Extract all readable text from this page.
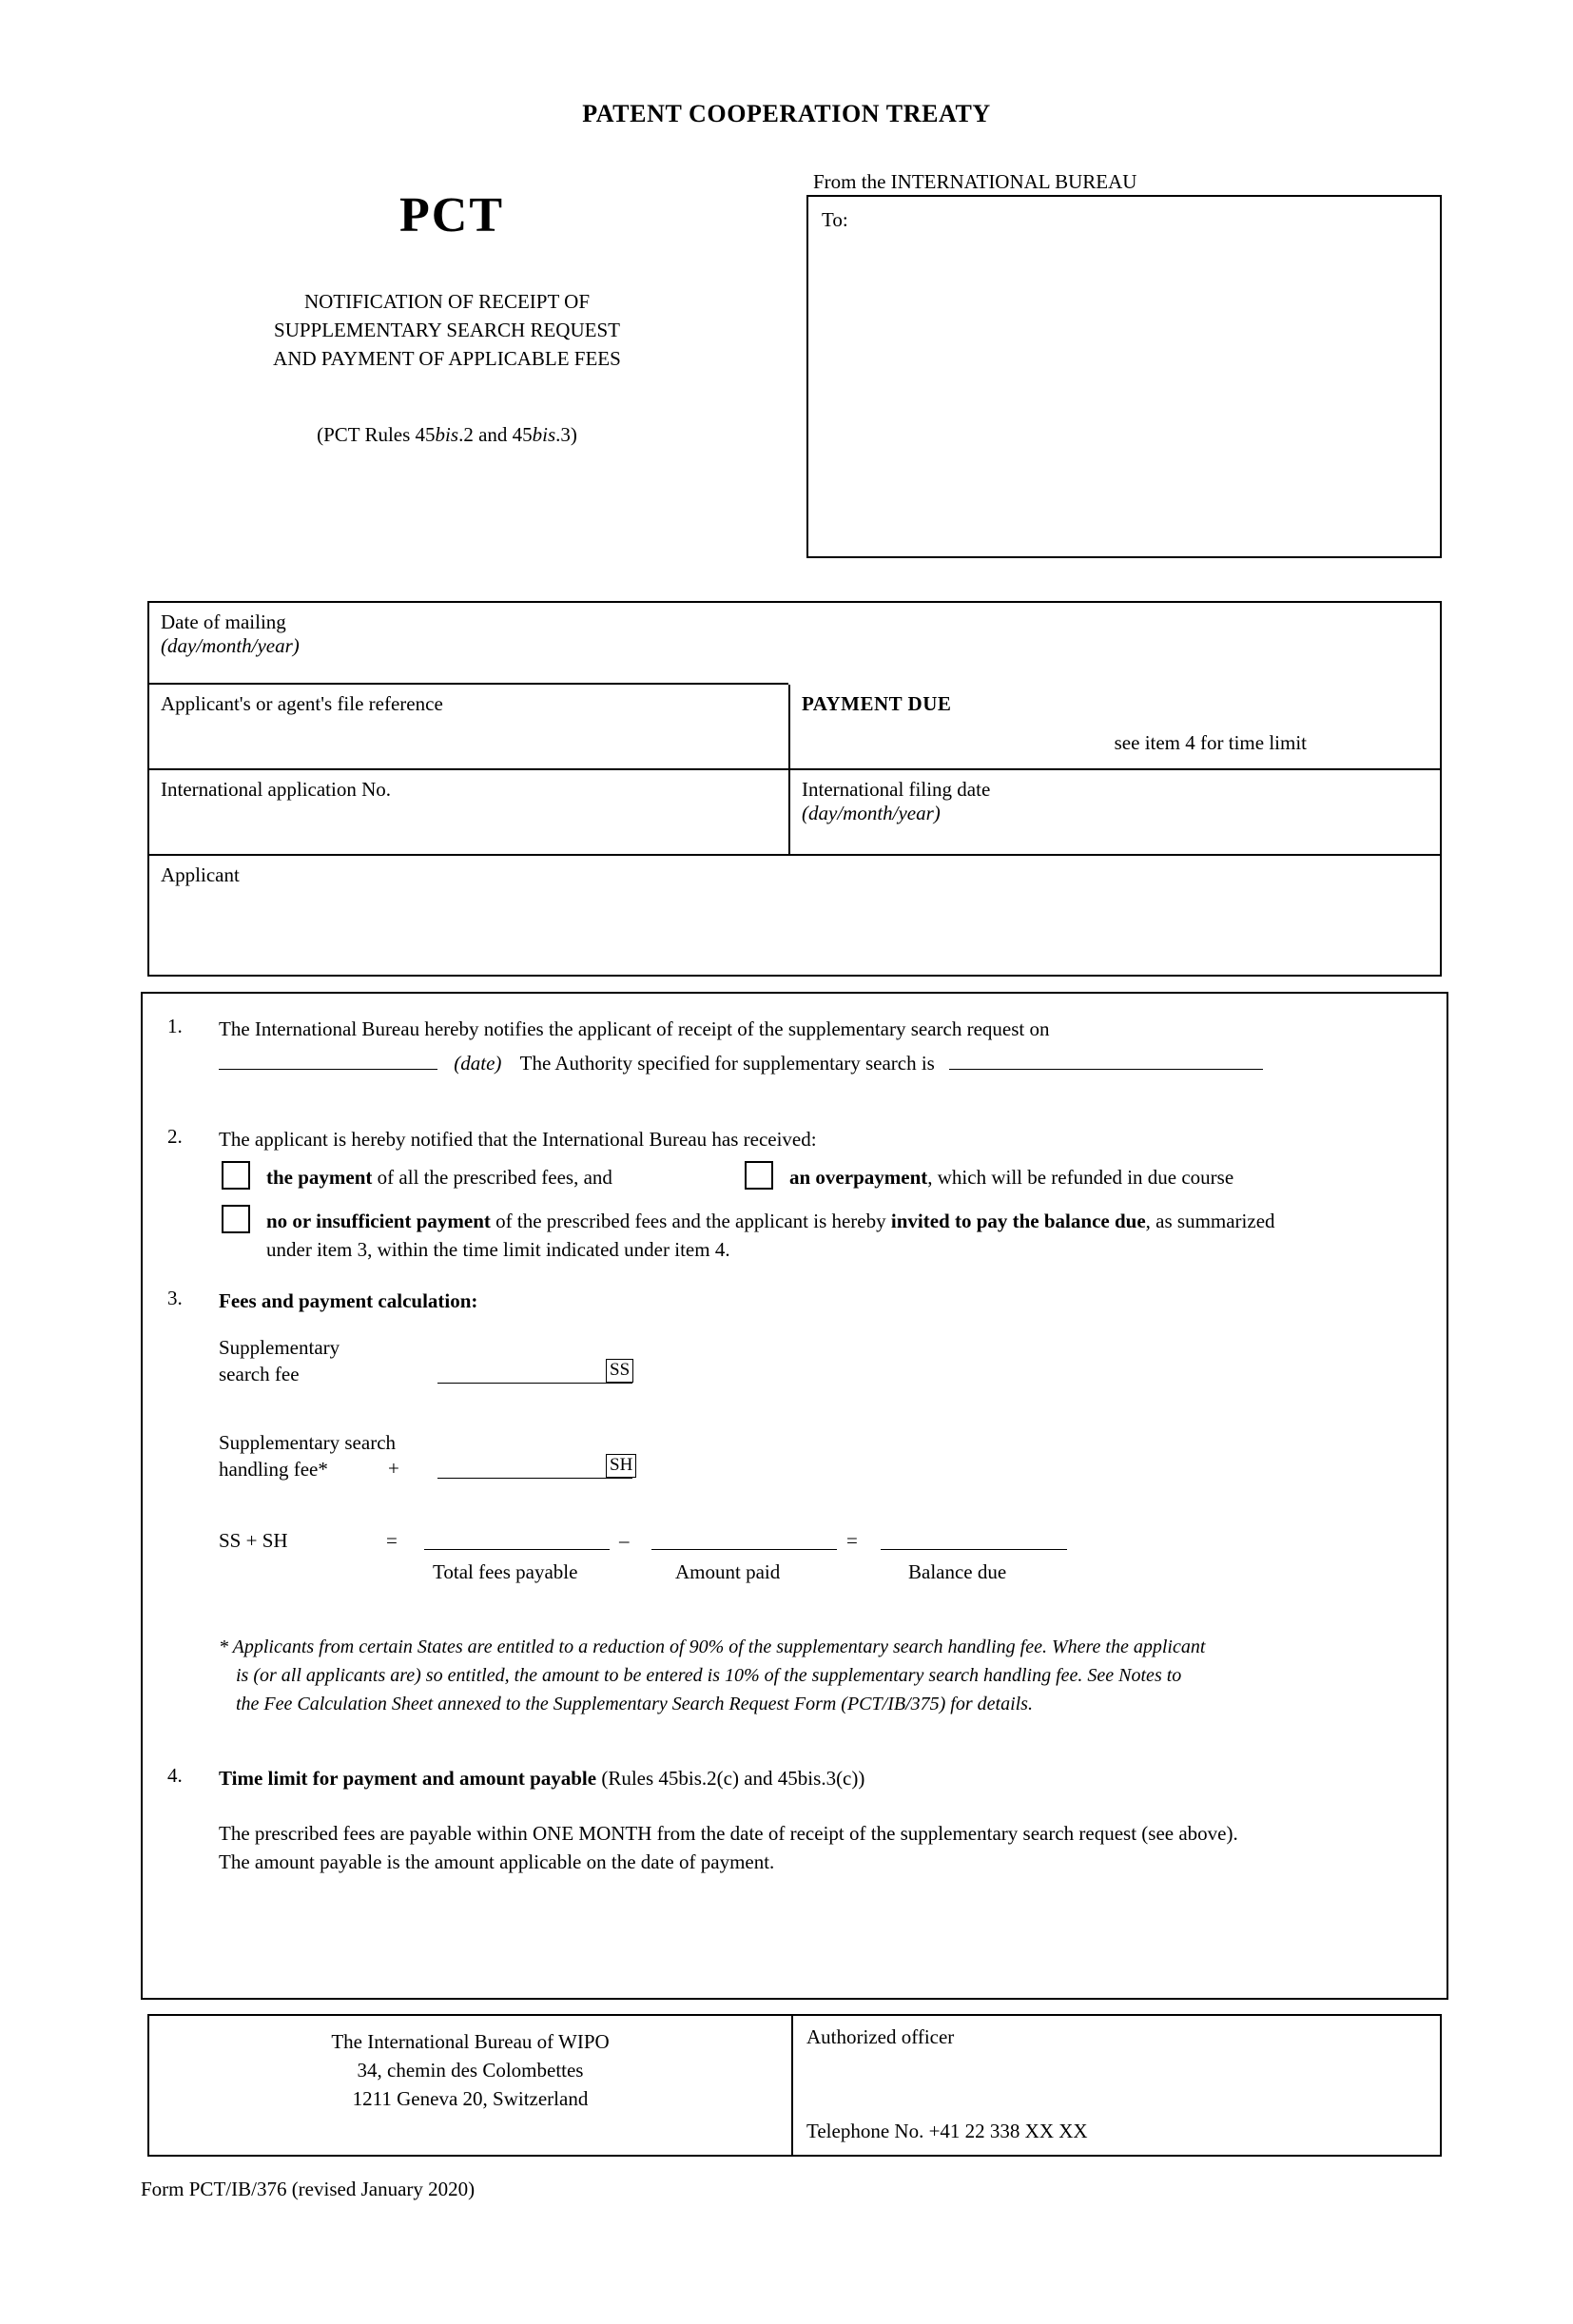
PATENT COOPERATION TREATY
PCT
NOTIFICATION OF RECEIPT OF
SUPPLEMENTARY SEARCH REQUEST
AND PAYMENT OF APPLICABLE FEES
(PCT Rules 45bis.2 and 45bis.3)
From the INTERNATIONAL BUREAU
To:
Date of mailing
(day/month/year)
Applicant's or agent's file reference	PAYMENT DUE
see item 4 for time limit
International application No.	International filing date
(day/month/year)
Applicant
1. The International Bureau hereby notifies the applicant of receipt of the supplementary search request on
(date) The Authority specified for supplementary search is
2. The applicant is hereby notified that the International Bureau has received:
the payment of all the prescribed fees, and	an overpayment, which will be refunded in due course
no or insufficient payment of the prescribed fees and the applicant is hereby invited to pay the balance due, as summarized
under item 3, within the time limit indicated under item 4.
3. Fees and payment calculation:
Supplementary
search fee	SS
Supplementary search
handling fee*	+	SH
SS + SH	=	–	=
Total fees payable	Amount paid	Balance due
* Applicants from certain States are entitled to a reduction of 90% of the supplementary search handling fee. Where the applicant
is (or all applicants are) so entitled, the amount to be entered is 10% of the supplementary search handling fee. See Notes to
the Fee Calculation Sheet annexed to the Supplementary Search Request Form (PCT/IB/375) for details.
4. Time limit for payment and amount payable (Rules 45bis.2(c) and 45bis.3(c))
The prescribed fees are payable within ONE MONTH from the date of receipt of the supplementary search request (see above).
The amount payable is the amount applicable on the date of payment.
The International Bureau of WIPO
34, chemin des Colombettes
1211 Geneva 20, Switzerland
Authorized officer
Telephone No. +41 22 338 XX XX
Form PCT/IB/376 (revised January 2020)
